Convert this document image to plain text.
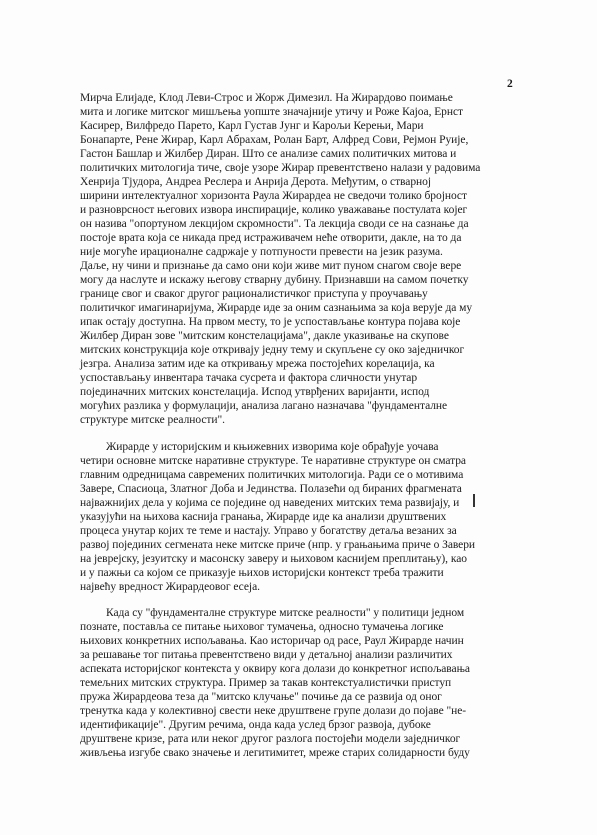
2
Мирча Елијаде, Клод Леви-Строс и Жорж Димезил. На Жирардово поимање
мита и логике митског мишљења уопште значајније утичу и Роже Кајоа, Ернст
Касирер, Вилфредо Парето, Карл Густав Јунг и Карољи Керењи, Мари
Бонапарте, Рене Жирар, Карл Абрахам, Ролан Барт, Алфред Сови, Рејмон Руије,
Гастон Башлар и Жилбер Диран. Што се анализе самих политичких митова и
политичких митологија тиче, своје узоре Жирар превентствено налази у радовима
Хенрија Тјудора, Андреа Реслера и Анрија Дерота. Међутим, о стварној
ширини интелектуалног хоризонта Раула Жирардеа не сведочи толико бројност
и разноврсност његових извора инспирације, колико уважавање постулата којег
он назива "опортуном лекцијом скромности". Та лекција своди се на сазнање да
постоје врата која се никада пред истраживачем неће отворити, дакле, на то да
није могуће ирационалне садржаје у потпуности превести на језик разума.
Даље, ну чини и признање да само они који живе мит пуном снагом своје вере
могу да наслуте и искажу његову стварну дубину. Признавши на самом почетку
границе свог и сваког другог рационалистичког приступа у проучавању
политичког имагинаријума, Жирарде иде за оним сазнањима за која верује да му
ипак остају доступна. На првом месту, то је успостављање контура појава које
Жилбер Диран зове "митским констелацијама", дакле указивање на скупове
митских конструкција које откривају једну тему и скупљене су око заједничког
језгра. Анализа затим иде ка откривању мрежа постојећих корелација, ка
успостављању инвентара тачака сусрета и фактора сличности унутар
појединачних митских констелација. Испод утврђених варијанти, испод
могућих разлика у формулацији, анализа лагано назначава "фундаменталне
структуре митске реалности".
Жирарде у историјским и књижевних изворима које обрађује уочава
четири основне митске наративне структуре. Те наративне структуре он сматра
главним одредницама савремених политичких митологија. Ради се о мотивима
Завере, Спасиоца, Златног Доба и Јединства. Полазећи од бираних фрагмената
најважнијих дела у којима се поједине од наведених митских тема развијају, и
указујући на њихова каснија гранања, Жирарде иде ка анализи друштвених
процеса унутар којих те теме и настају. Управо у богатству детаља везаних за
развој појединих сегмената неке митске приче (нпр. у грањањима приче о Завери
на јеврејску, језуитску и масонску заверу и њиховом каснијем преплитању), као
и у пажњи са којом се приказује њихов историјски контекст треба тражити
највећу вредност Жирардеовог есеја.
Када су "фундаменталне структуре митске реалности" у политици једном
познате, поставља се питање њиховог тумачења, односно тумачења логике
њихових конкретних испољавања. Као историчар од расе, Раул Жирарде начин
за решавање тог питања превентствено види у детаљној анализи различитих
аспеката историјског контекста у оквиру кога долази до конкретног испољавања
темељних митских структура. Пример за такав контекстуалистички приступ
пружа Жирардеова теза да "митско клучање" почиње да се развија од оног
тренутка када у колективној свести неке друштвене групе долази до појаве "не-
идентификације". Другим речима, онда када услед брзог развоја, дубоке
друштвене кризе, рата или неког другог разлога постојећи модели заједничког
живљења изгубе свако значење и легитимитет, мреже старих солидарности буду
